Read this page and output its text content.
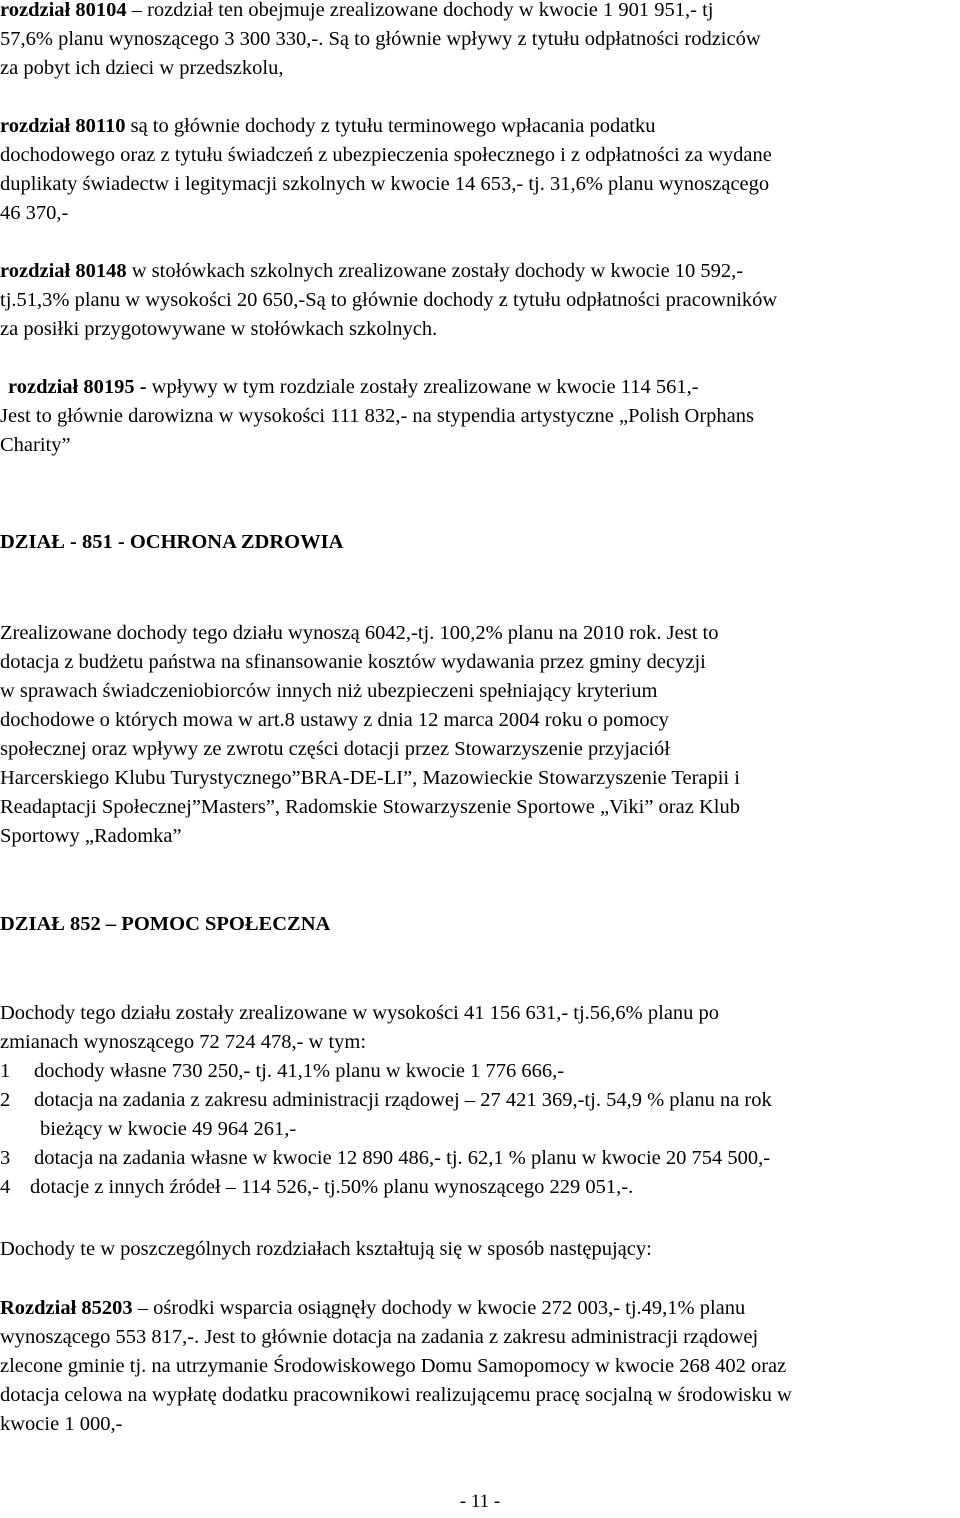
rozdział 80104 – rozdział ten obejmuje zrealizowane dochody w kwocie 1 901 951,- tj
57,6% planu wynoszącego 3 300 330,-. Są to głównie wpływy z tytułu odpłatności rodziców
za pobyt ich dzieci w przedszkolu,
rozdział 80110 są to głównie dochody z tytułu terminowego wpłacania podatku
dochodowego oraz z tytułu świadczeń z ubezpieczenia społecznego i z odpłatności za wydane
duplikaty świadectw i legitymacji szkolnych w kwocie 14 653,- tj. 31,6% planu wynoszącego
46 370,-
rozdział 80148 w stołówkach szkolnych zrealizowane zostały dochody w kwocie 10 592,-
tj.51,3% planu w wysokości 20 650,-Są to głównie dochody z tytułu odpłatności pracowników
za posiłki przygotowywane w stołówkach szkolnych.
rozdział 80195 - wpływy w tym rozdziale zostały zrealizowane w kwocie 114 561,-
Jest to głównie darowizna w wysokości 111 832,- na stypendia artystyczne „Polish Orphans
Charity”
DZIAŁ - 851 - OCHRONA ZDROWIA
Zrealizowane dochody tego działu wynoszą 6042,-tj. 100,2% planu na 2010 rok. Jest to
dotacja z budżetu państwa na sfinansowanie kosztów wydawania przez gminy decyzji
w sprawach świadczeniobiorców innych niż ubezpieczeni spełniający kryterium
dochodowe o których mowa w art.8 ustawy z dnia 12 marca 2004 roku o pomocy
społecznej oraz wpływy ze zwrotu części dotacji przez Stowarzyszenie przyjaciół
Harcerskiego Klubu Turystycznego”BRA-DE-LI”, Mazowieckie Stowarzyszenie Terapii i
Readaptacji Społecznej”Masters”, Radomskie Stowarzyszenie Sportowe „Viki” oraz Klub
Sportowy „Radomka”
DZIAŁ 852 – POMOC SPOŁECZNA
Dochody tego działu zostały zrealizowane w wysokości 41 156 631,- tj.56,6% planu po
zmianach wynoszącego 72 724 478,- w tym:
1 dochody własne 730 250,- tj. 41,1% planu w kwocie 1 776 666,-
2 dotacja na zadania z zakresu administracji rządowej – 27 421 369,-tj. 54,9 % planu na rok
bieżący w kwocie 49 964 261,-
3 dotacja na zadania własne w kwocie 12 890 486,- tj. 62,1 % planu w kwocie 20 754 500,-
4 dotacje z innych źródeł – 114 526,- tj.50% planu wynoszącego 229 051,-.
Dochody te w poszczególnych rozdziałach kształtują się w sposób następujący:
Rozdział 85203 – ośrodki wsparcia osiągnęły dochody w kwocie 272 003,- tj.49,1% planu
wynoszącego 553 817,-. Jest to głównie dotacja na zadania z zakresu administracji rządowej
zlecone gminie tj. na utrzymanie Środowiskowego Domu Samopomocy w kwocie 268 402 oraz
dotacja celowa na wypłatę dodatku pracownikowi realizującemu pracę socjalną w środowisku w
kwocie 1 000,-
- 11 -
